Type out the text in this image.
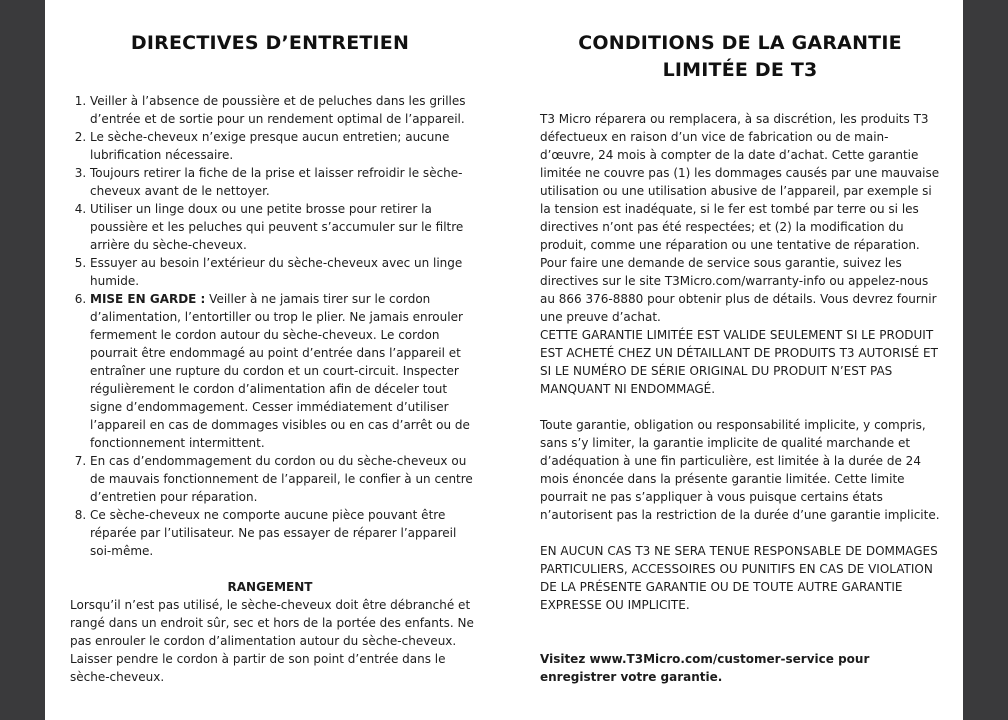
DIRECTIVES D’ENTRETIEN
1. Veiller à l’absence de poussière et de peluches dans les grilles d’entrée et de sortie pour un rendement optimal de l’appareil.
2. Le sèche-cheveux n’exige presque aucun entretien; aucune lubrification nécessaire.
3. Toujours retirer la fiche de la prise et laisser refroidir le sèche-cheveux avant de le nettoyer.
4. Utiliser un linge doux ou une petite brosse pour retirer la poussière et les peluches qui peuvent s’accumuler sur le filtre arrière du sèche-cheveux.
5. Essuyer au besoin l’extérieur du sèche-cheveux avec un linge humide.
6. MISE EN GARDE : Veiller à ne jamais tirer sur le cordon d’alimentation, l’entortiller ou trop le plier. Ne jamais enrouler fermement le cordon autour du sèche-cheveux. Le cordon pourrait être endommagé au point d’entrée dans l’appareil et entraîner une rupture du cordon et un court-circuit. Inspecter régulièrement le cordon d’alimentation afin de déceler tout signe d’endommagement. Cesser immédiatement d’utiliser l’appareil en cas de dommages visibles ou en cas d’arrêt ou de fonctionnement intermittent.
7. En cas d’endommagement du cordon ou du sèche-cheveux ou de mauvais fonctionnement de l’appareil, le confier à un centre d’entretien pour réparation.
8. Ce sèche-cheveux ne comporte aucune pièce pouvant être réparée par l’utilisateur. Ne pas essayer de réparer l’appareil soi-même.
RANGEMENT

Lorsqu’il n’est pas utilisé, le sèche-cheveux doit être débranché et rangé dans un endroit sûr, sec et hors de la portée des enfants. Ne pas enrouler le cordon d’alimentation autour du sèche-cheveux. Laisser pendre le cordon à partir de son point d’entrée dans le sèche-cheveux.

CONDITIONS DE LA GARANTIE LIMITÉE DE T3

T3 Micro réparera ou remplacera, à sa discrétion, les produits T3 défectueux en raison d’un vice de fabrication ou de main-d’œuvre, 24 mois à compter de la date d’achat. Cette garantie limitée ne couvre pas (1) les dommages causés par une mauvaise utilisation ou une utilisation abusive de l’appareil, par exemple si la tension est inadéquate, si le fer est tombé par terre ou si les directives n’ont pas été respectées; et (2) la modification du produit, comme une réparation ou une tentative de réparation. Pour faire une demande de service sous garantie, suivez les directives sur le site T3Micro.com/warranty-info ou appelez-nous au 866 376-8880 pour obtenir plus de détails. Vous devrez fournir une preuve d’achat.

CETTE GARANTIE LIMITÉE EST VALIDE SEULEMENT SI LE PRODUIT EST ACHETÉ CHEZ UN DÉTAILLANT DE PRODUITS T3 AUTORISÉ ET SI LE NUMÉRO DE SÉRIE ORIGINAL DU PRODUIT N’EST PAS MANQUANT NI ENDOMMAGÉ.

Toute garantie, obligation ou responsabilité implicite, y compris, sans s’y limiter, la garantie implicite de qualité marchande et d’adéquation à une fin particulière, est limitée à la durée de 24 mois énoncée dans la présente garantie limitée. Cette limite pourrait ne pas s’appliquer à vous puisque certains états n’autorisent pas la restriction de la durée d’une garantie implicite.

EN AUCUN CAS T3 NE SERA TENUE RESPONSABLE DE DOMMAGES PARTICULIERS, ACCESSOIRES OU PUNITIFS EN CAS DE VIOLATION DE LA PRÉSENTE GARANTIE OU DE TOUTE AUTRE GARANTIE EXPRESSE OU IMPLICITE.

Visitez www.T3Micro.com/customer-service pour enregistrer votre garantie.
